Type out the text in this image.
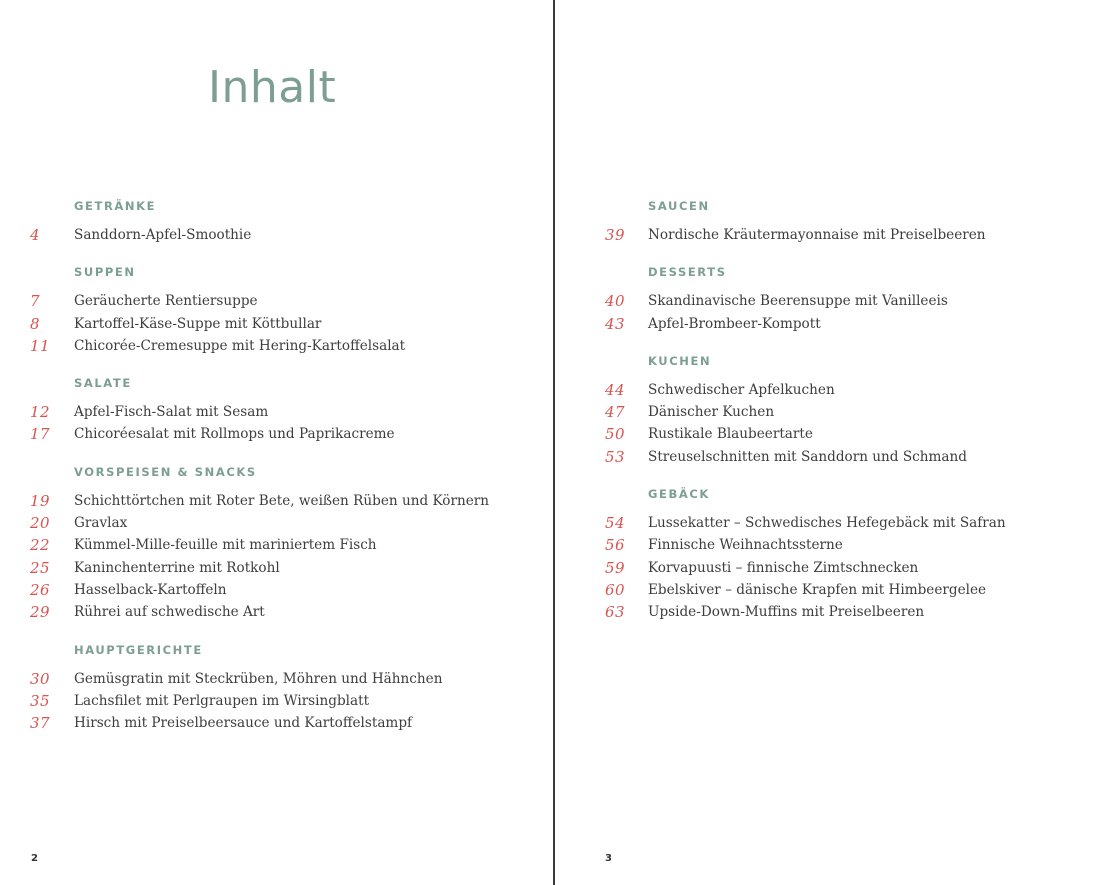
Inhalt
GETRÄNKE
4 Sanddorn-Apfel-Smoothie
SUPPEN
7 Geräucherte Rentiersuppe
8 Kartoffel-Käse-Suppe mit Köttbullar
11 Chicorée-Cremesuppe mit Hering-Kartoffelsalat
SALATE
12 Apfel-Fisch-Salat mit Sesam
17 Chicoréesalat mit Rollmops und Paprikacreme
VORSPEISEN & SNACKS
19 Schichttörtchen mit Roter Bete, weißen Rüben und Körnern
20 Gravlax
22 Kümmel-Mille-feuille mit mariniertem Fisch
25 Kaninchenterrine mit Rotkohl
26 Hasselback-Kartoffeln
29 Rührei auf schwedische Art
HAUPTGERICHTE
30 Gemüsgratin mit Steckrüben, Möhren und Hähnchen
35 Lachsfilet mit Perlgraupen im Wirsingblatt
37 Hirsch mit Preiselbeersauce und Kartoffelstampf
2
SAUCEN
39 Nordische Kräutermayonnaise mit Preiselbeeren
DESSERTS
40 Skandinavische Beerensuppe mit Vanilleeis
43 Apfel-Brombeer-Kompott
KUCHEN
44 Schwedischer Apfelkuchen
47 Dänischer Kuchen
50 Rustikale Blaubeertarte
53 Streuselschnitten mit Sanddorn und Schmand
GEBÄCK
54 Lussekatter – Schwedisches Hefegebäck mit Safran
56 Finnische Weihnachtssterne
59 Korvapuusti – finnische Zimtschnecken
60 Ebelskiver – dänische Krapfen mit Himbeergelee
63 Upside-Down-Muffins mit Preiselbeeren
3
